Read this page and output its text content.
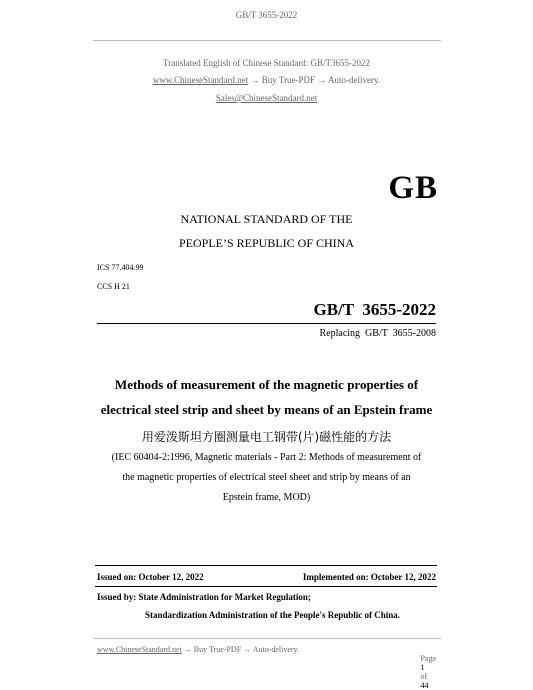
GB/T 3655-2022
Translated English of Chinese Standard: GB/T3655-2022
www.ChineseStandard.net → Buy True-PDF → Auto-delivery.
Sales@ChineseStandard.net
GB
NATIONAL STANDARD OF THE
PEOPLE’S REPUBLIC OF CHINA
ICS 77.404.99
CCS H 21
GB/T  3655-2022
Replacing  GB/T  3655-2008
Methods of measurement of the magnetic properties of
electrical steel strip and sheet by means of an Epstein frame
用爱泼斯坦方圈测量电工钢带(片)磁性能的方法
(IEC 60404-2:1996, Magnetic materials - Part 2: Methods of measurement of
the magnetic properties of electrical steel sheet and strip by means of an
Epstein frame, MOD)
Issued on: October 12, 2022	Implemented on: October 12, 2022
Issued by: State Administration for Market Regulation;
Standardization Administration of the People's Republic of China.
www.ChineseStandard.net → Buy True-PDF → Auto-delivery.

Page
1
of
44
